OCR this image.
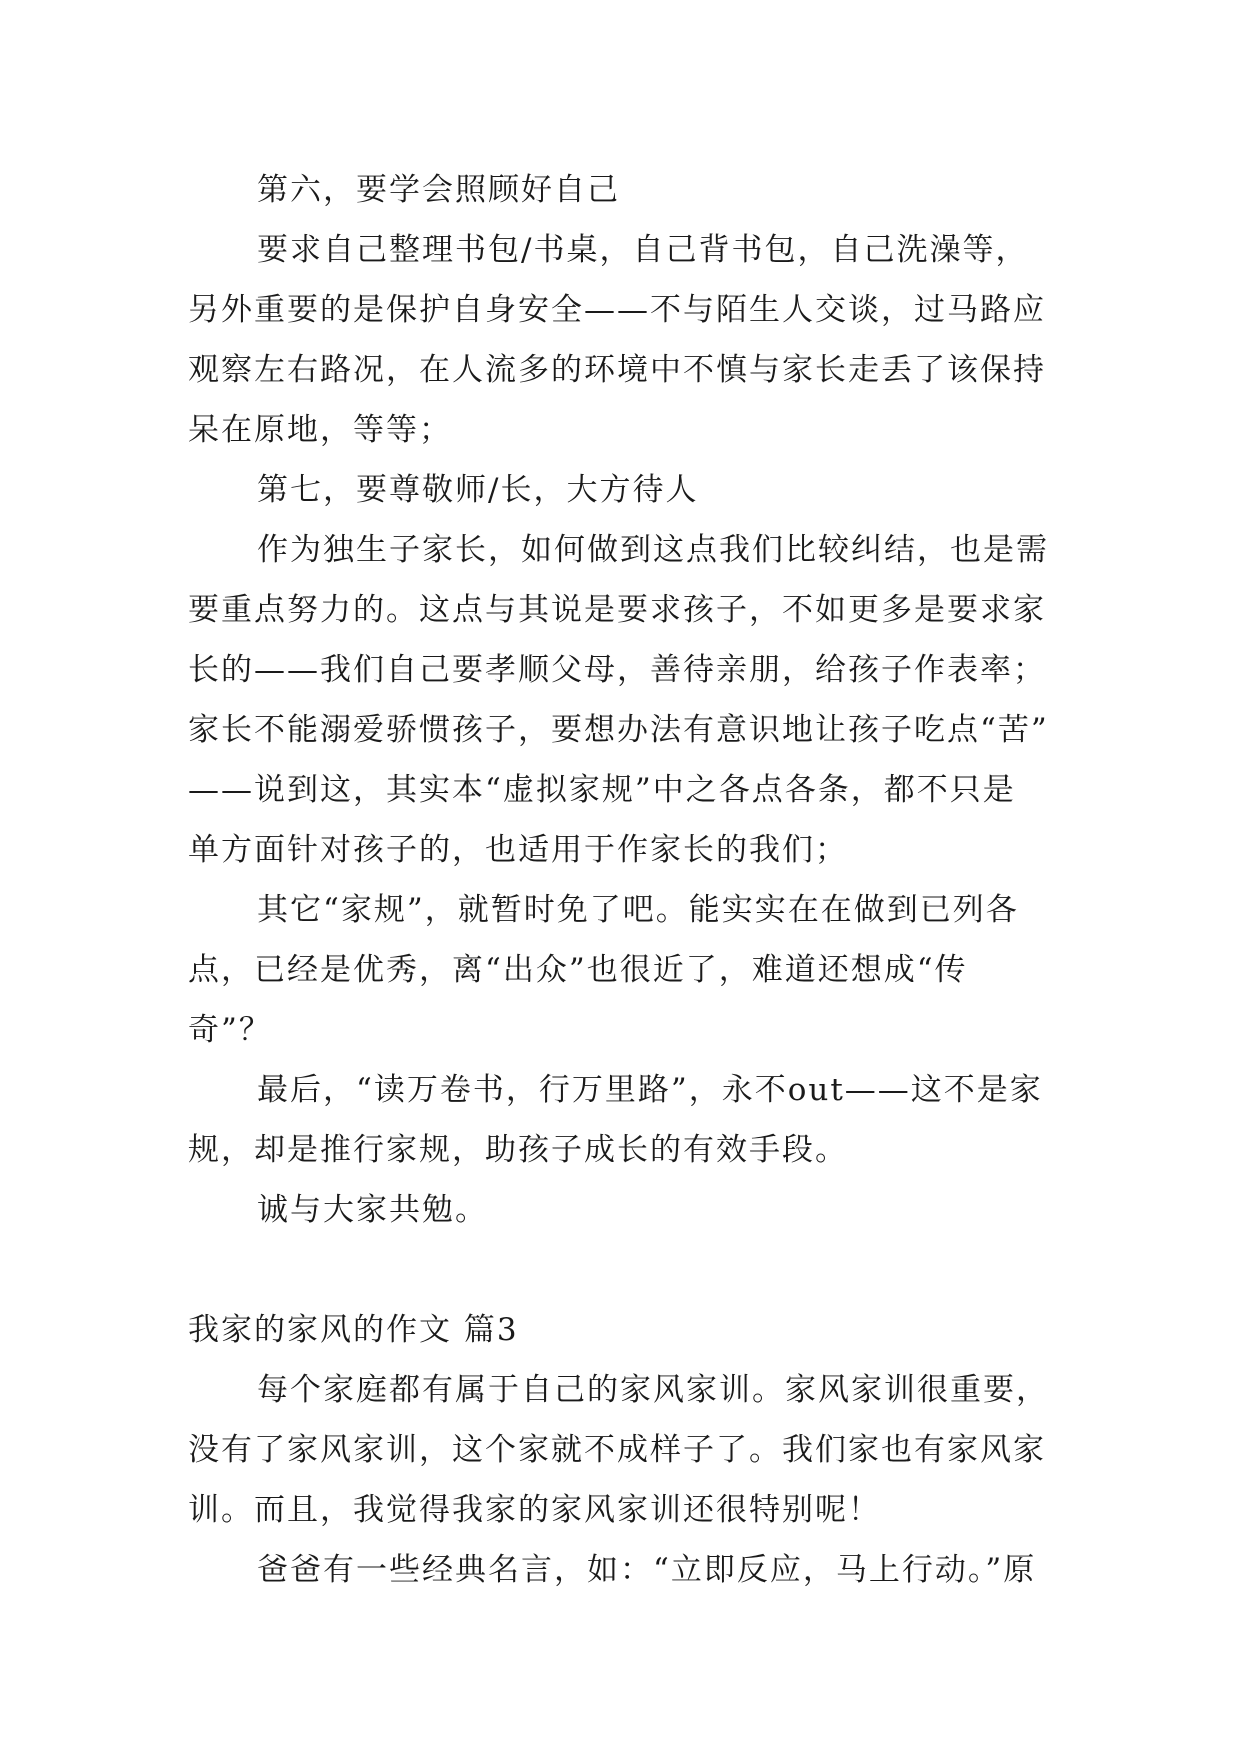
第六，要学会照顾好自己
要求自己整理书包/书桌，自己背书包，自己洗澡等，
另外重要的是保护自身安全——不与陌生人交谈，过马路应
观察左右路况，在人流多的环境中不慎与家长走丢了该保持
呆在原地，等等；
第七，要尊敬师/长，大方待人
作为独生子家长，如何做到这点我们比较纠结，也是需
要重点努力的。这点与其说是要求孩子，不如更多是要求家
长的——我们自己要孝顺父母，善待亲朋，给孩子作表率；
家长不能溺爱骄惯孩子，要想办法有意识地让孩子吃点“苦”
——说到这，其实本“虚拟家规”中之各点各条，都不只是
单方面针对孩子的，也适用于作家长的我们；
其它“家规”，就暂时免了吧。能实实在在做到已列各
点，已经是优秀，离“出众”也很近了，难道还想成“传
奇”？
最后，“读万卷书，行万里路”，永不out——这不是家
规，却是推行家规，助孩子成长的有效手段。
诚与大家共勉。
我家的家风的作文 篇3
每个家庭都有属于自己的家风家训。家风家训很重要，
没有了家风家训，这个家就不成样子了。我们家也有家风家
训。而且，我觉得我家的家风家训还很特别呢！
爸爸有一些经典名言，如：“立即反应，马上行动。”原
